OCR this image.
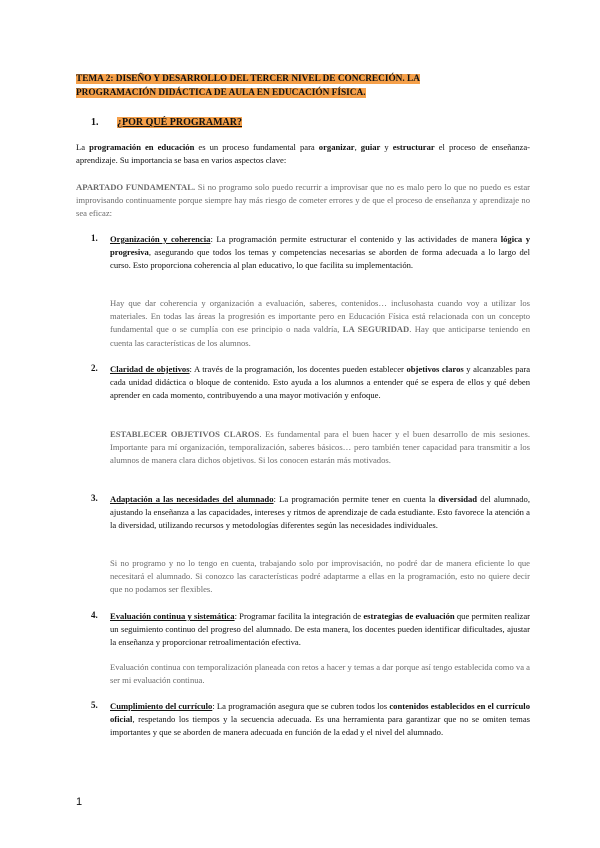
TEMA 2: DISEÑO Y DESARROLLO DEL TERCER NIVEL DE CONCRECIÓN. LA
PROGRAMACIÓN DIDÁCTICA DE AULA EN EDUCACIÓN FÍSICA.
1. ¿POR QUÉ PROGRAMAR?
La programación en educación es un proceso fundamental para organizar, guiar y estructurar el proceso de enseñanza-aprendizaje. Su importancia se basa en varios aspectos clave:
APARTADO FUNDAMENTAL. Si no programo solo puedo recurrir a improvisar que no es malo pero lo que no puedo es estar improvisando continuamente porque siempre hay más riesgo de cometer errores y de que el proceso de enseñanza y aprendizaje no sea eficaz:
1. Organización y coherencia: La programación permite estructurar el contenido y las actividades de manera lógica y progresiva, asegurando que todos los temas y competencias necesarias se aborden de forma adecuada a lo largo del curso. Esto proporciona coherencia al plan educativo, lo que facilita su implementación.
Hay que dar coherencia y organización a evaluación, saberes, contenidos… inclusohasta cuando voy a utilizar los materiales. En todas las áreas la progresión es importante pero en Educación Física está relacionada con un concepto fundamental que o se cumplía con ese principio o nada valdría, LA SEGURIDAD. Hay que anticiparse teniendo en cuenta las características de los alumnos.
2. Claridad de objetivos: A través de la programación, los docentes pueden establecer objetivos claros y alcanzables para cada unidad didáctica o bloque de contenido. Esto ayuda a los alumnos a entender qué se espera de ellos y qué deben aprender en cada momento, contribuyendo a una mayor motivación y enfoque.
ESTABLECER OBJETIVOS CLAROS. Es fundamental para el buen hacer y el buen desarrollo de mis sesiones. Importante para mí organización, temporalización, saberes básicos… pero también tener capacidad para transmitir a los alumnos de manera clara dichos objetivos. Si los conocen estarán más motivados.
3. Adaptación a las necesidades del alumnado: La programación permite tener en cuenta la diversidad del alumnado, ajustando la enseñanza a las capacidades, intereses y ritmos de aprendizaje de cada estudiante. Esto favorece la atención a la diversidad, utilizando recursos y metodologías diferentes según las necesidades individuales.
Si no programo y no lo tengo en cuenta, trabajando solo por improvisación, no podré dar de manera eficiente lo que necesitará el alumnado. Si conozco las características podré adaptarme a ellas en la programación, esto no quiere decir que no podamos ser flexibles.
4. Evaluación continua y sistemática: Programar facilita la integración de estrategias de evaluación que permiten realizar un seguimiento continuo del progreso del alumnado. De esta manera, los docentes pueden identificar dificultades, ajustar la enseñanza y proporcionar retroalimentación efectiva.
Evaluación continua con temporalización planeada con retos a hacer y temas a dar porque así tengo establecida como va a ser mi evaluación continua.
5. Cumplimiento del currículo: La programación asegura que se cubren todos los contenidos establecidos en el currículo oficial, respetando los tiempos y la secuencia adecuada. Es una herramienta para garantizar que no se omiten temas importantes y que se aborden de manera adecuada en función de la edad y el nivel del alumnado.
1
